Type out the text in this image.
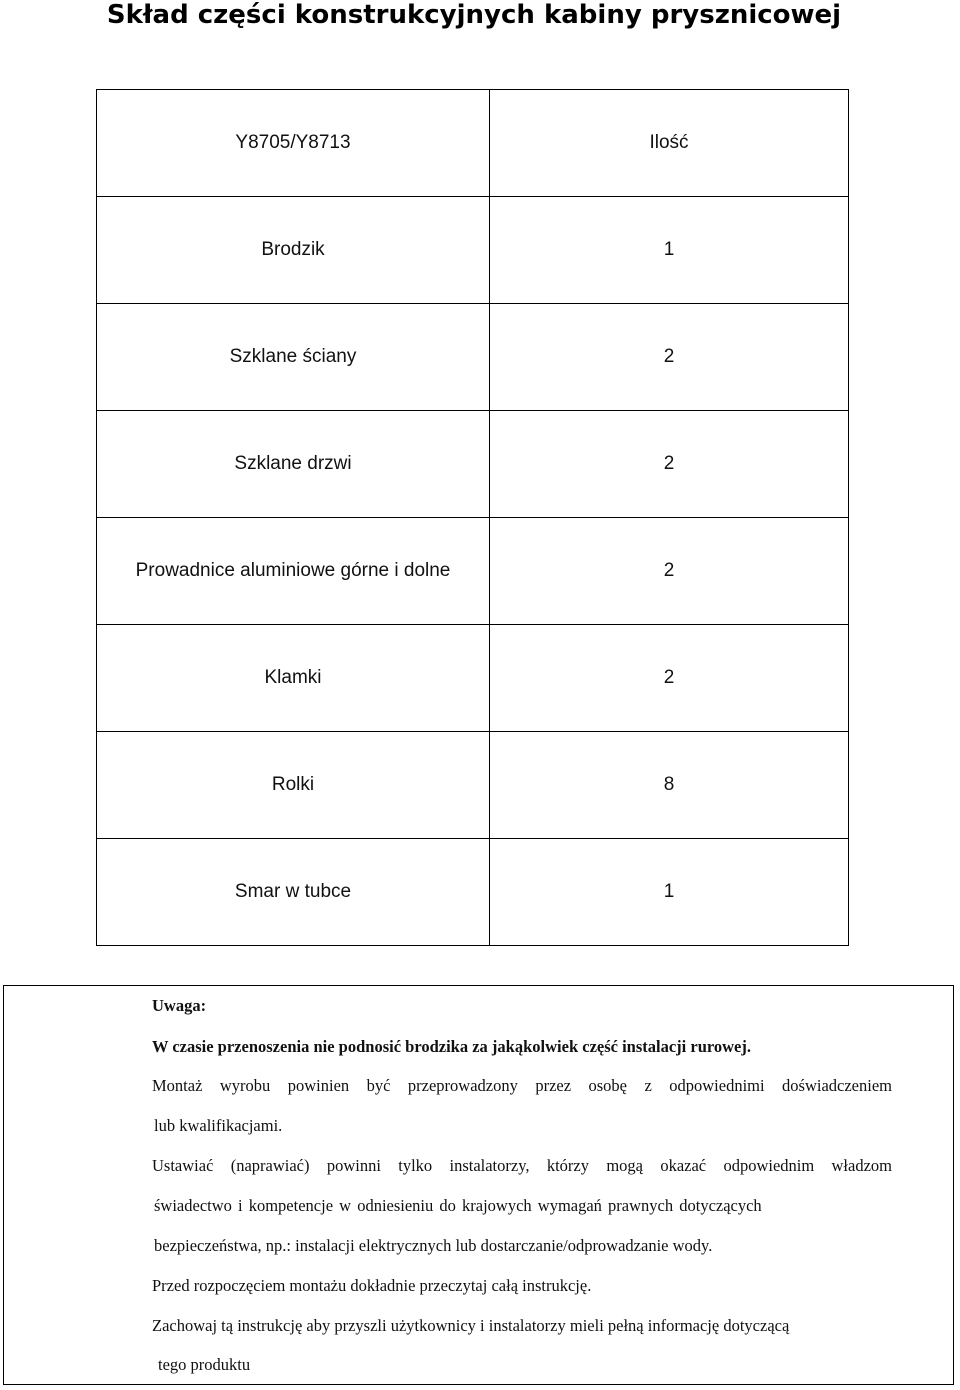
Skład części konstrukcyjnych kabiny prysznicowej
Y8705/Y8713	Ilość
Brodzik	1
Szklane ściany	2
Szklane drzwi	2
Prowadnice aluminiowe górne i dolne	2
Klamki	2
Rolki	8
Smar w tubce	1
Uwaga:
W czasie przenoszenia nie podnosić brodzika za jakąkolwiek część instalacji rurowej.
Montaż wyrobu powinien być przeprowadzony przez osobę z odpowiednimi doświadczeniem
lub kwalifikacjami.
Ustawiać (naprawiać) powinni tylko instalatorzy, którzy mogą okazać odpowiednim władzom
świadectwo i kompetencje w odniesieniu do krajowych wymagań prawnych dotyczących
bezpieczeństwa, np.: instalacji elektrycznych lub dostarczanie/odprowadzanie wody.
Przed rozpoczęciem montażu dokładnie przeczytaj całą instrukcję.
Zachowaj tą instrukcję aby przyszli użytkownicy i instalatorzy mieli pełną informację dotyczącą
tego produktu
